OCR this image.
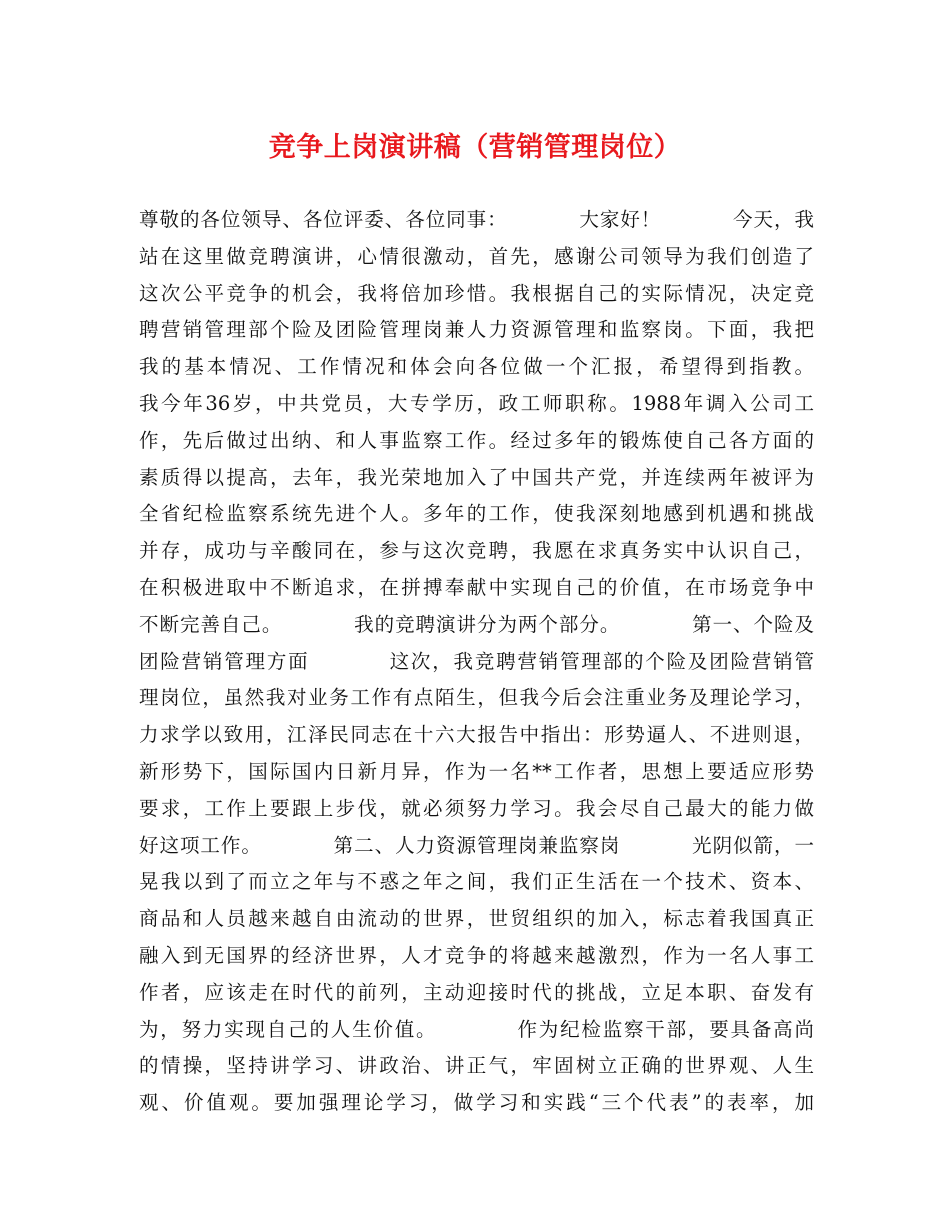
竞争上岗演讲稿（营销管理岗位）
尊敬的各位领导、各位评委、各位同事：          大家好！          今天，我
站在这里做竞聘演讲，心情很激动，首先，感谢公司领导为我们创造了
这次公平竞争的机会，我将倍加珍惜。我根据自己的实际情况，决定竞
聘营销管理部个险及团险管理岗兼人力资源管理和监察岗。下面，我把
我的基本情况、工作情况和体会向各位做一个汇报，希望得到指教。
我今年36岁，中共党员，大专学历，政工师职称。1988年调入公司工
作，先后做过出纳、和人事监察工作。经过多年的锻炼使自己各方面的
素质得以提高，去年，我光荣地加入了中国共产党，并连续两年被评为
全省纪检监察系统先进个人。多年的工作，使我深刻地感到机遇和挑战
并存，成功与辛酸同在，参与这次竞聘，我愿在求真务实中认识自己，
在积极进取中不断追求，在拼搏奉献中实现自己的价值，在市场竞争中
不断完善自己。          我的竞聘演讲分为两个部分。          第一、个险及
团险营销管理方面          这次，我竞聘营销管理部的个险及团险营销管
理岗位，虽然我对业务工作有点陌生，但我今后会注重业务及理论学习，
力求学以致用，江泽民同志在十六大报告中指出：形势逼人、不进则退，
新形势下，国际国内日新月异，作为一名**工作者，思想上要适应形势
要求，工作上要跟上步伐，就必须努力学习。我会尽自己最大的能力做
好这项工作。          第二、人力资源管理岗兼监察岗          光阴似箭，一
晃我以到了而立之年与不惑之年之间，我们正生活在一个技术、资本、
商品和人员越来越自由流动的世界，世贸组织的加入，标志着我国真正
融入到无国界的经济世界，人才竞争的将越来越激烈，作为一名人事工
作者，应该走在时代的前列，主动迎接时代的挑战，立足本职、奋发有
为，努力实现自己的人生价值。          作为纪检监察干部，要具备高尚
的情操，坚持讲学习、讲政治、讲正气，牢固树立正确的世界观、人生
观、价值观。要加强理论学习，做学习和实践“三个代表”的表率，加
